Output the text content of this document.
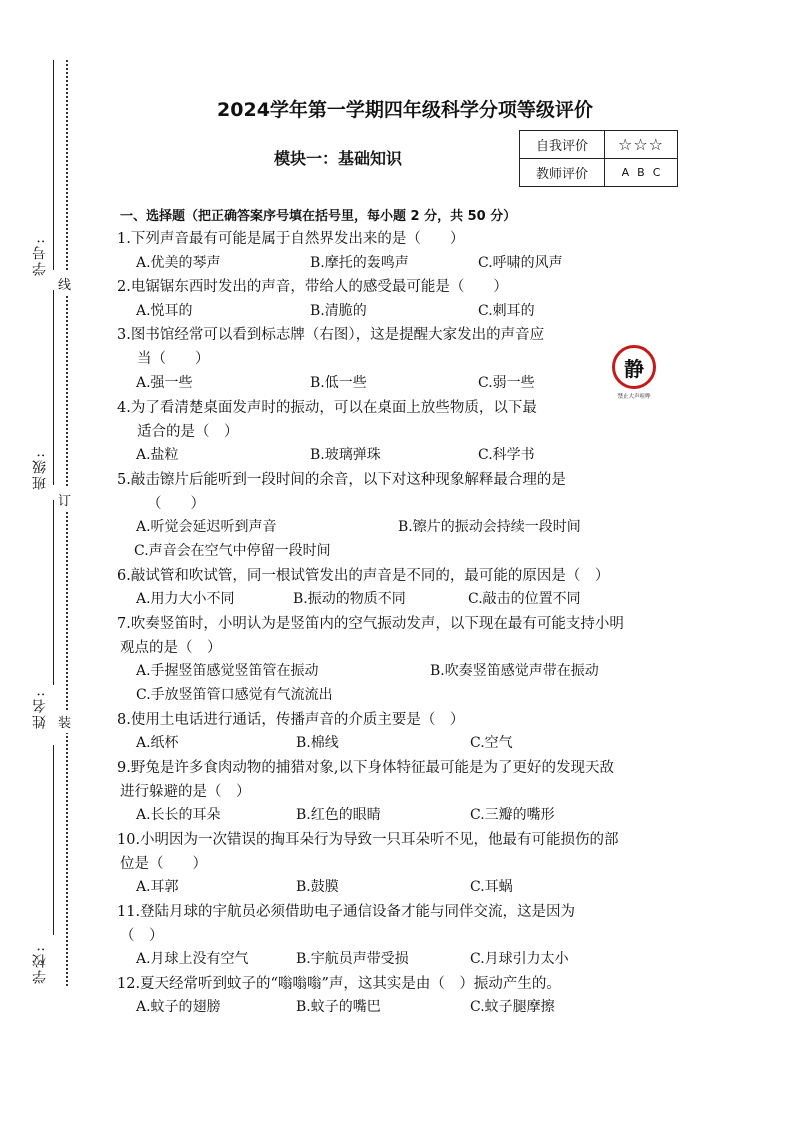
学号:
班级:
姓名:
学校:
线
订
装
2024学年第一学期四年级科学分项等级评价
模块一：基础知识
自我评价	☆☆☆
教师评价	A B C
一、选择题（把正确答案序号填在括号里，每小题 2 分，共 50 分）
静
禁止大声喧哗
1.下列声音最有可能是属于自然界发出来的是（　　）
A.优美的琴声	B.摩托的轰鸣声	C.呼啸的风声
2.电锯锯东西时发出的声音，带给人的感受最可能是（　　）
A.悦耳的	B.清脆的	C.刺耳的
3.图书馆经常可以看到标志牌（右图），这是提醒大家发出的声音应
当（　　）
A.强一些	B.低一些	C.弱一些
4.为了看清楚桌面发声时的振动，可以在桌面上放些物质，以下最
适合的是（　）
A.盐粒	B.玻璃弹珠	C.科学书
5.敲击镲片后能听到一段时间的余音，以下对这种现象解释最合理的是
（　　）
A.听觉会延迟听到声音	B.镲片的振动会持续一段时间
C.声音会在空气中停留一段时间
6.敲试管和吹试管，同一根试管发出的声音是不同的，最可能的原因是（　）
A.用力大小不同	B.振动的物质不同	C.敲击的位置不同
7.吹奏竖笛时，小明认为是竖笛内的空气振动发声，以下现在最有可能支持小明
观点的是（　）
A.手握竖笛感觉竖笛管在振动	B.吹奏竖笛感觉声带在振动
C.手放竖笛管口感觉有气流流出
8.使用土电话进行通话，传播声音的介质主要是（　）
A.纸杯	B.棉线	C.空气
9.野兔是许多食肉动物的捕猎对象,以下身体特征最可能是为了更好的发现天敌
进行躲避的是（　）
A.长长的耳朵	B.红色的眼睛	C.三瓣的嘴形
10.小明因为一次错误的掏耳朵行为导致一只耳朵听不见，他最有可能损伤的部
位是（　　）
A.耳郭	B.鼓膜	C.耳蜗
11.登陆月球的宇航员必须借助电子通信设备才能与同伴交流，这是因为
（　）
A.月球上没有空气	B.宇航员声带受损	C.月球引力太小
12.夏天经常听到蚊子的“嗡嗡嗡”声，这其实是由（　）振动产生的。
A.蚊子的翅膀	B.蚊子的嘴巴	C.蚊子腿摩擦
